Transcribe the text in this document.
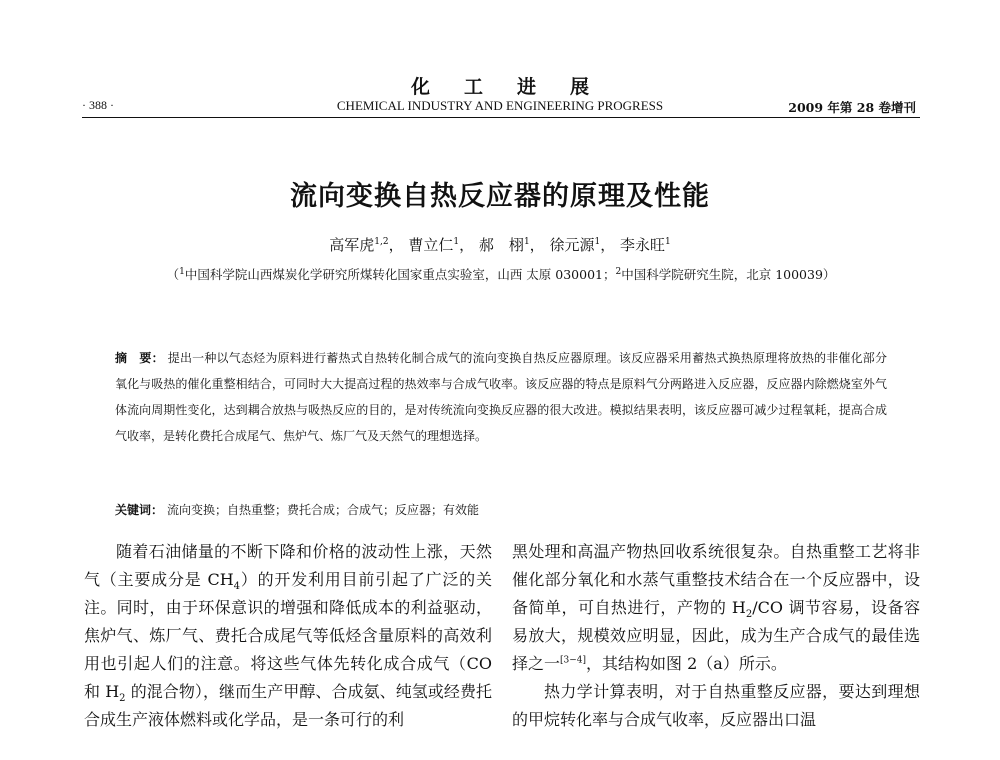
化工进展
· 388 ·	CHEMICAL INDUSTRY AND ENGINEERING PROGRESS	2009 年第 28 卷增刊
流向变换自热反应器的原理及性能
高军虎$^{1,2}$， 曹立仁$^1$， 郝　栩$^1$， 徐元源$^1$， 李永旺$^1$
（$^1$中国科学院山西煤炭化学研究所煤转化国家重点实验室，山西 太原 030001；$^2$中国科学院研究生院，北京 100039）
摘　要： 提出一种以气态烃为原料进行蓄热式自热转化制合成气的流向变换自热反应器原理。该反应器采用蓄热式换热原理将放热的非催化部分氧化与吸热的催化重整相结合，可同时大大提高过程的热效率与合成气收率。该反应器的特点是原料气分两路进入反应器，反应器内除燃烧室外气体流向周期性变化，达到耦合放热与吸热反应的目的，是对传统流向变换反应器的很大改进。模拟结果表明，该反应器可减少过程氧耗，提高合成气收率，是转化费托合成尾气、焦炉气、炼厂气及天然气的理想选择。
关键词： 流向变换；自热重整；费托合成；合成气；反应器；有效能

随着石油储量的不断下降和价格的波动性上涨，天然气（主要成分是 $CH_4$）的开发利用目前引起了广泛的关注。同时，由于环保意识的增强和降低成本的利益驱动，焦炉气、炼厂气、费托合成尾气等低烃含量原料的高效利用也引起人们的注意。将这些气体先转化成合成气（CO 和 $H_2$ 的混合物），继而生产甲醇、合成氨、纯氢或经费托合成生产液体燃料或化学品，是一条可行的利

黑处理和高温产物热回收系统很复杂。自热重整工艺将非催化部分氧化和水蒸气重整技术结合在一个反应器中，设备简单，可自热进行，产物的 $H_2/CO$ 调节容易，设备容易放大，规模效应明显，因此，成为生产合成气的最佳选择之一[3−4]，其结构如图 2（a）所示。

热力学计算表明，对于自热重整反应器，要达到理想的甲烷转化率与合成气收率，反应器出口温
